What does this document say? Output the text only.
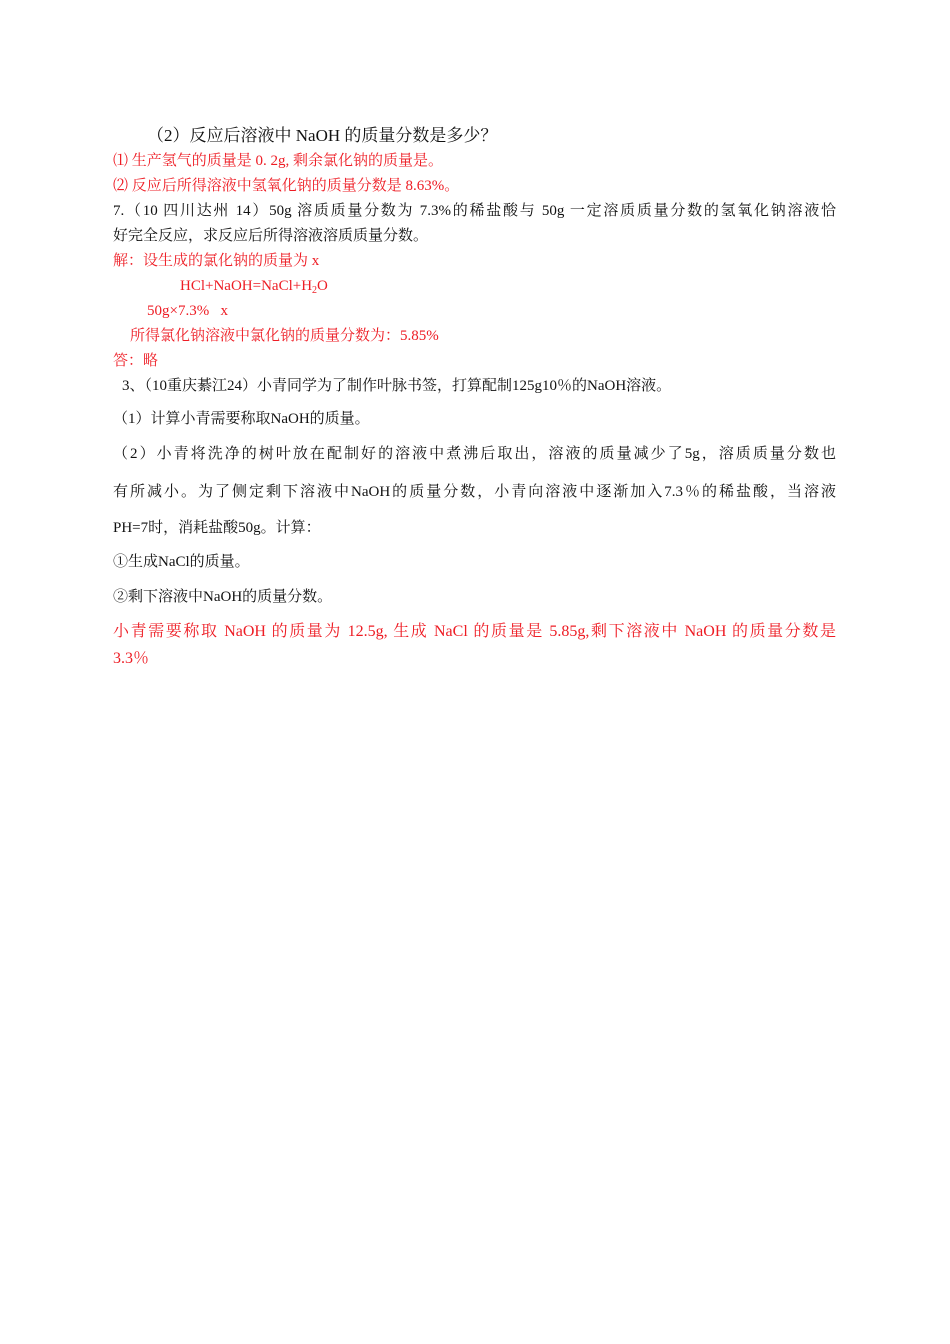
（2）反应后溶液中 NaOH 的质量分数是多少？
⑴ 生产氢气的质量是 0. 2g, 剩余氯化钠的质量是。
⑵ 反应后所得溶液中氢氧化钠的质量分数是 8.63%。
7.（10 四川达州 14）50g 溶质质量分数为 7.3%的稀盐酸与 50g 一定溶质质量分数的氢氧化钠溶液恰
好完全反应，求反应后所得溶液溶质质量分数。
解：设生成的氯化钠的质量为 x
$HCl+NaOH=NaCl+H_2O$
50g×7.3%   x
所得氯化钠溶液中氯化钠的质量分数为：5.85%
答：略
3、（10重庆綦江24）小青同学为了制作叶脉书签，打算配制125g10％的NaOH溶液。
（1）计算小青需要称取NaOH的质量。
（2）小青将洗净的树叶放在配制好的溶液中煮沸后取出，溶液的质量减少了5g，溶质质量分数也
有所减小。为了侧定剩下溶液中NaOH的质量分数，小青向溶液中逐渐加入7.3％的稀盐酸，当溶液
PH=7时，消耗盐酸50g。计算：
①生成NaCl的质量。
②剩下溶液中NaOH的质量分数。
小青需要称取 NaOH 的质量为 12.5g, 生成 NaCl 的质量是 5.85g,剩下溶液中 NaOH 的质量分数是
3.3％
